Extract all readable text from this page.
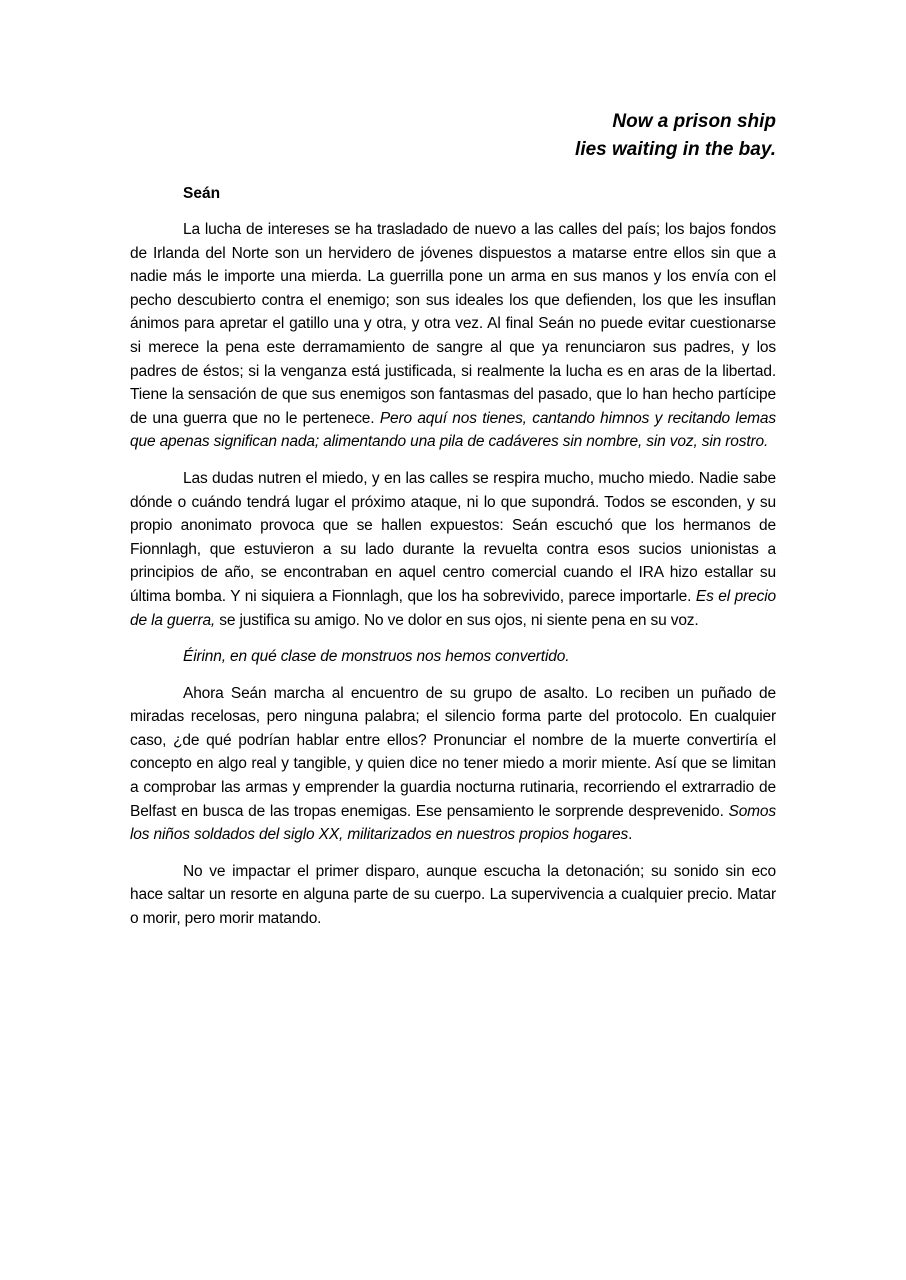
Now a prison ship
lies waiting in the bay.
Seán

La lucha de intereses se ha trasladado de nuevo a las calles del país; los bajos fondos de Irlanda del Norte son un hervidero de jóvenes dispuestos a matarse entre ellos sin que a nadie más le importe una mierda. La guerrilla pone un arma en sus manos y los envía con el pecho descubierto contra el enemigo; son sus ideales los que defienden, los que les insuflan ánimos para apretar el gatillo una y otra, y otra vez. Al final Seán no puede evitar cuestionarse si merece la pena este derramamiento de sangre al que ya renunciaron sus padres, y los padres de éstos; si la venganza está justificada, si realmente la lucha es en aras de la libertad. Tiene la sensación de que sus enemigos son fantasmas del pasado, que lo han hecho partícipe de una guerra que no le pertenece. Pero aquí nos tienes, cantando himnos y recitando lemas que apenas significan nada; alimentando una pila de cadáveres sin nombre, sin voz, sin rostro.

Las dudas nutren el miedo, y en las calles se respira mucho, mucho miedo. Nadie sabe dónde o cuándo tendrá lugar el próximo ataque, ni lo que supondrá. Todos se esconden, y su propio anonimato provoca que se hallen expuestos: Seán escuchó que los hermanos de Fionnlagh, que estuvieron a su lado durante la revuelta contra esos sucios unionistas a principios de año, se encontraban en aquel centro comercial cuando el IRA hizo estallar su última bomba. Y ni siquiera a Fionnlagh, que los ha sobrevivido, parece importarle. Es el precio de la guerra, se justifica su amigo. No ve dolor en sus ojos, ni siente pena en su voz.

Éirinn, en qué clase de monstruos nos hemos convertido.

Ahora Seán marcha al encuentro de su grupo de asalto. Lo reciben un puñado de miradas recelosas, pero ninguna palabra; el silencio forma parte del protocolo. En cualquier caso, ¿de qué podrían hablar entre ellos? Pronunciar el nombre de la muerte convertiría el concepto en algo real y tangible, y quien dice no tener miedo a morir miente. Así que se limitan a comprobar las armas y emprender la guardia nocturna rutinaria, recorriendo el extrarradio de Belfast en busca de las tropas enemigas. Ese pensamiento le sorprende desprevenido. Somos los niños soldados del siglo XX, militarizados en nuestros propios hogares.

No ve impactar el primer disparo, aunque escucha la detonación; su sonido sin eco hace saltar un resorte en alguna parte de su cuerpo. La supervivencia a cualquier precio. Matar o morir, pero morir matando.
